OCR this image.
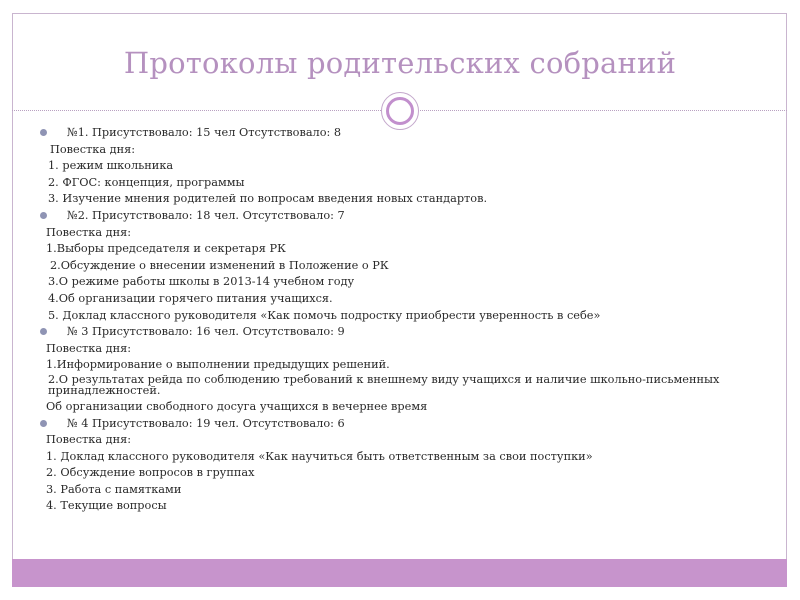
Протоколы родительских собраний
№1. Присутствовало: 15 чел Отсутствовало: 8
Повестка дня:
1. режим школьника
2. ФГОС: концепция, программы
3. Изучение мнения родителей по вопросам введения новых стандартов.
№2. Присутствовало: 18 чел. Отсутствовало: 7
Повестка дня:
1.Выборы председателя и секретаря РК
2.Обсуждение о внесении изменений в Положение о РК
3.О режиме работы школы в 2013-14 учебном году
4.Об организации горячего питания учащихся.
5. Доклад классного руководителя «Как помочь подростку приобрести уверенность в себе»
№ 3 Присутствовало: 16 чел. Отсутствовало: 9
Повестка дня:
1.Информирование о выполнении предыдущих решений.
2.О результатах рейда по соблюдению требований к внешнему виду учащихся и наличие школьно-письменных принадлежностей.
Об организации свободного досуга учащихся в вечернее время
№ 4 Присутствовало: 19 чел. Отсутствовало: 6
Повестка дня:
1. Доклад классного руководителя «Как научиться быть ответственным за свои поступки»
2. Обсуждение вопросов в группах
3. Работа с памятками
4. Текущие вопросы
